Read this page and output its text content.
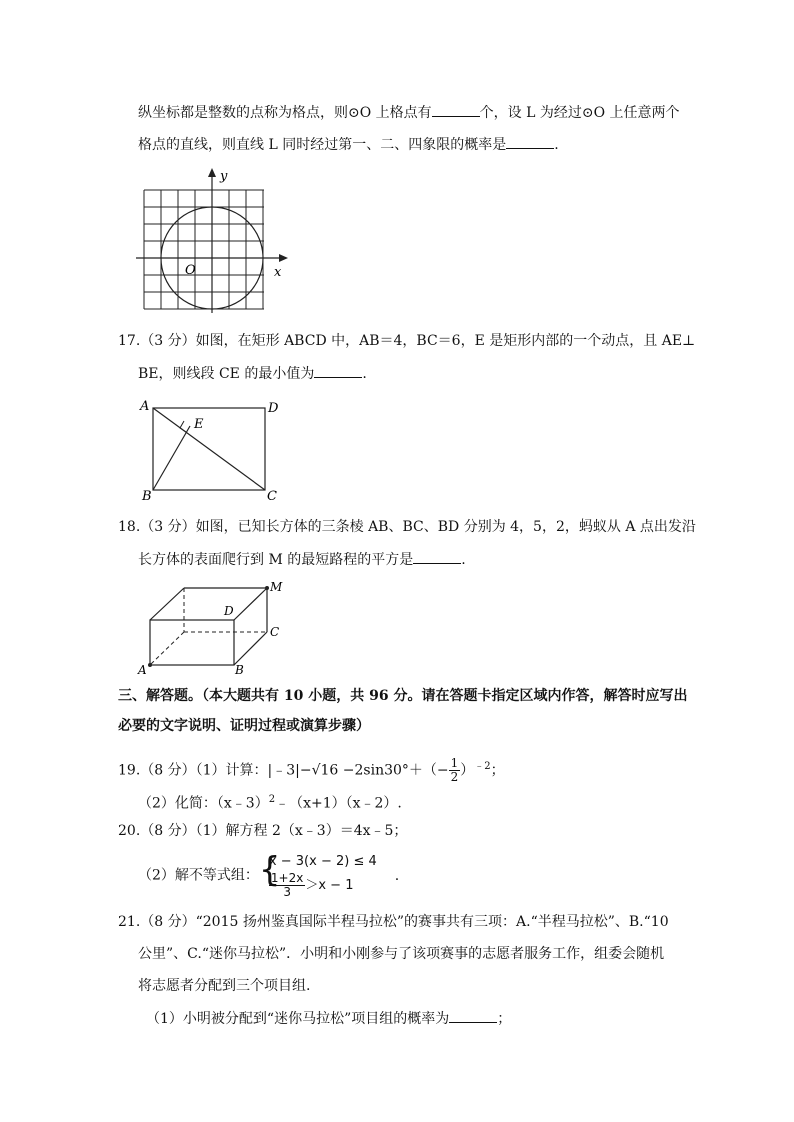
纵坐标都是整数的点称为格点，则⊙O 上格点有	个，设 L 为经过⊙O 上任意两个
格点的直线，则直线 L 同时经过第一、二、四象限的概率是	.
y
x
O
17.（3 分）如图，在矩形 ABCD 中，AB＝4，BC＝6，E 是矩形内部的一个动点，且 AE⊥
BE，则线段 CE 的最小值为	.
A	D
E
B	C
18.（3 分）如图，已知长方体的三条棱 AB、BC、BD 分别为 4，5，2，蚂蚁从 A 点出发沿
长方体的表面爬行到 M 的最短路程的平方是	.
M
D
C
A	B
三、解答题。（本大题共有 10 小题，共 96 分。请在答题卡指定区域内作答，解答时应写出
必要的文字说明、证明过程或演算步骤）
19.（8 分）（1）计算：|﹣3|−√16 $-2\sin 30^\circ+(- \frac{1}{2} )^{﹣2}$；
（2）化简：（x﹣3）$^2$﹣（x+1）（x﹣2）.
20.（8 分）（1）解方程 2（x﹣3）＝4x﹣5；
（2）解不等式组： {
x − 3(x − 2) ≤ 4
$\frac{1+2x}{3} >x - 1$
.
21.（8 分）“2015 扬州鉴真国际半程马拉松”的赛事共有三项：A.“半程马拉松”、B.“10
公里”、C.“迷你马拉松”．小明和小刚参与了该项赛事的志愿者服务工作，组委会随机
将志愿者分配到三个项目组.
（1）小明被分配到“迷你马拉松”项目组的概率为	；
